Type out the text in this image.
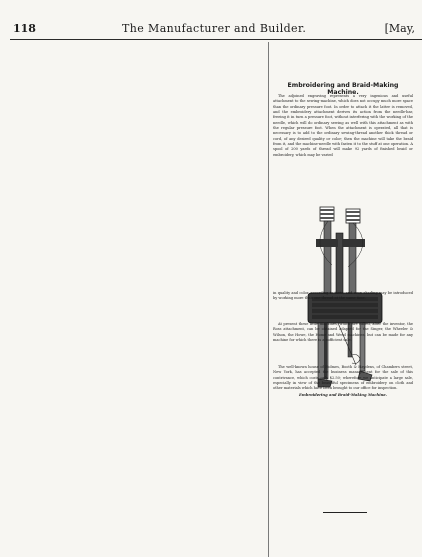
118	The Manufacturer and Builder.	[May,
Embroidering and Braid-Making Machine.

The adjoined engraving represents a very ingenious and useful attachment to the sewing-machine, which does not occupy much more space than the ordinary pressure foot. In order to attach it the latter is removed, and the embroidery attachment derives its action from the needle-bar, freeing it in turn a pressure foot, without interfering with the working of the needle, which will do ordinary sewing as well with this attachment as with the regular pressure foot. When the attachment is operated, all that is necessary is to add to the ordinary sewing-thread another thick thread or cord, of any desired quality or color; then the machine will take the braid from it, and the machine-needle with fasten it to the stuff at one operation. A spool of 200 yards of thread will make 92 yards of finished braid or embroidery, which may be varied

Embroidering and Braid-Making Machine.

in quality and color, according to taste, and even shading may be introduced by working more than one thread at the same time.

At present these little machines, which are called, after the inventor, the Ross attachment, can be obtained adapted for the Singer, the Wheeler & Wilson, the Howe, the Home and Weed machines, but can be made for any machine for which there is a sufficient sale.

The well-known house of Holmes, Booth & Haydens, of Chambers street, New York, has accepted the business management for the sale of this contrivance, which costs only $2.50; wherefore we anticipate a large sale, especially in view of the beautiful specimens of embroidery on cloth and other materials which have been brought to our office for inspection.
